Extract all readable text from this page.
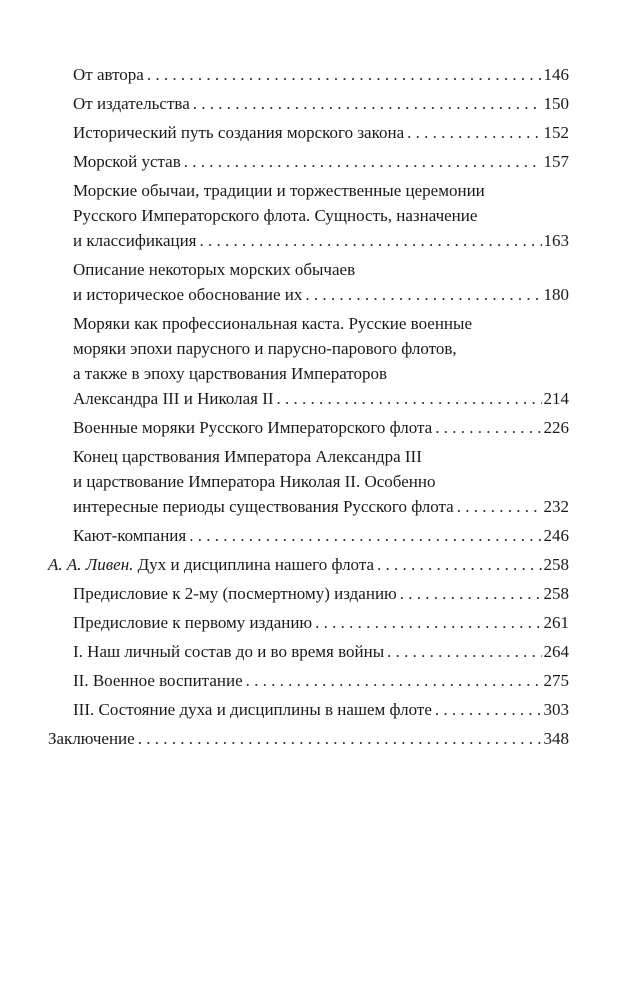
От автора . . .	146
От издательства . . .	150
Исторический путь создания морского закона . . .	152
Морской устав . . .	157
Морские обычаи, традиции и торжественные церемонии
Русского Императорского флота. Сущность, назначение
и классификация . . .	163
Описание некоторых морских обычаев
и историческое обоснование их . . .	180
Моряки как профессиональная каста. Русские военные
моряки эпохи парусного и парусно-парового флотов,
а также в эпоху царствования Императоров
Александра III и Николая II . . .	214
Военные моряки Русского Императорского флота . . .	226
Конец царствования Императора Александра III
и царствование Императора Николая II. Особенно
интересные периоды существования Русского флота . . .	232
Кают-компания . . .	246
А. А. Ливен. Дух и дисциплина нашего флота . . .	258
Предисловие к 2-му (посмертному) изданию . . .	258
Предисловие к первому изданию . . .	261
I. Наш личный состав до и во время войны . . .	264
II. Военное воспитание . . .	275
III. Состояние духа и дисциплины в нашем флоте . . .	303
Заключение . . .	348
